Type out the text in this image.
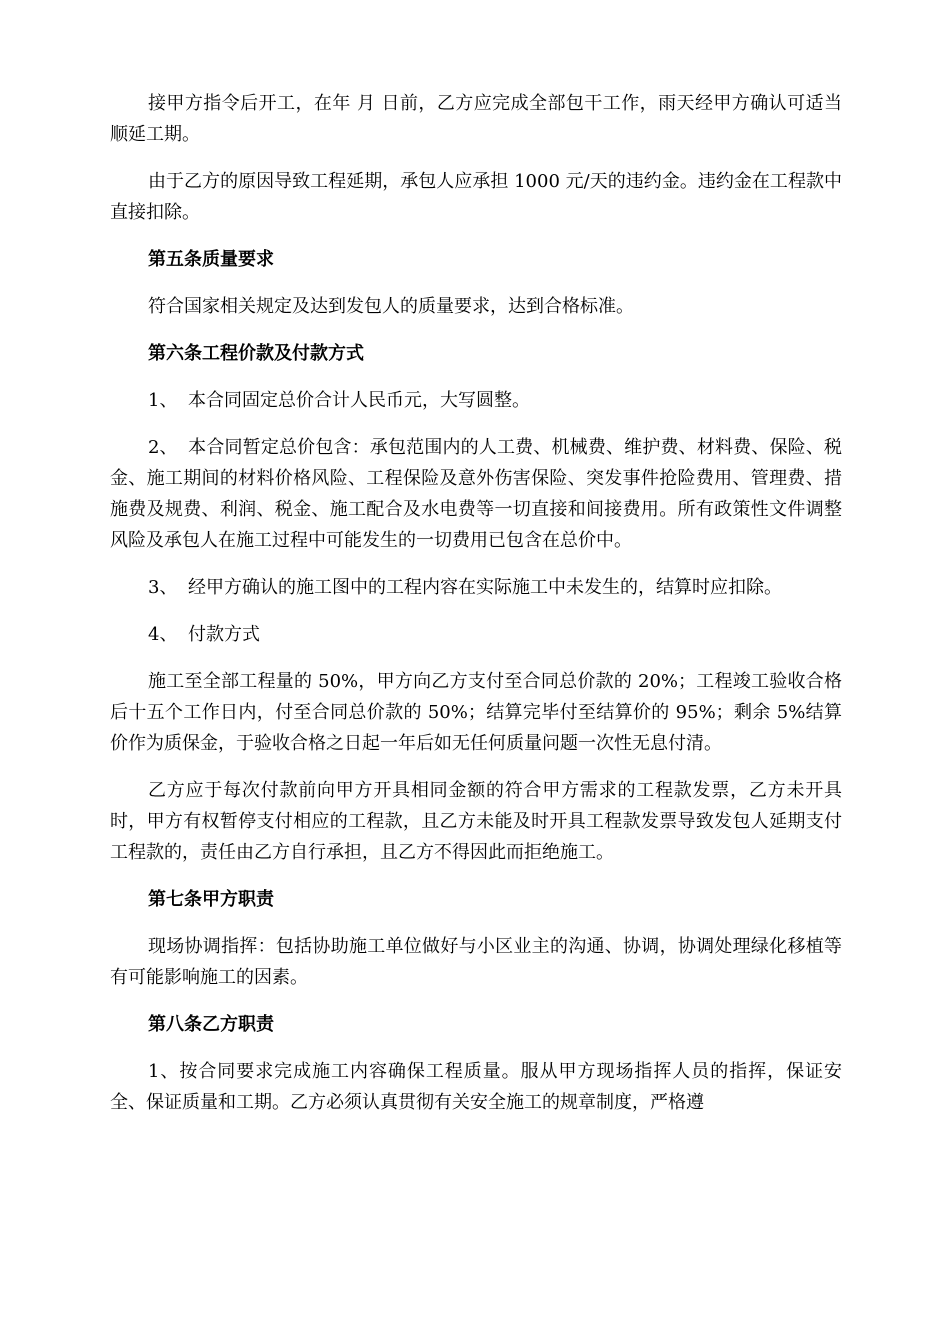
接甲方指令后开工，在年 月 日前，乙方应完成全部包干工作，雨天经甲方确认可适当顺延工期。

由于乙方的原因导致工程延期，承包人应承担 1000 元/天的违约金。违约金在工程款中直接扣除。

第五条质量要求

符合国家相关规定及达到发包人的质量要求，达到合格标准。

第六条工程价款及付款方式

1、 本合同固定总价合计人民币元，大写圆整。

2、 本合同暂定总价包含：承包范围内的人工费、机械费、维护费、材料费、保险、税金、施工期间的材料价格风险、工程保险及意外伤害保险、突发事件抢险费用、管理费、措施费及规费、利润、税金、施工配合及水电费等一切直接和间接费用。所有政策性文件调整风险及承包人在施工过程中可能发生的一切费用已包含在总价中。

3、 经甲方确认的施工图中的工程内容在实际施工中未发生的，结算时应扣除。

4、 付款方式

施工至全部工程量的 50%，甲方向乙方支付至合同总价款的 20%；工程竣工验收合格后十五个工作日内，付至合同总价款的 50%；结算完毕付至结算价的 95%；剩余 5%结算价作为质保金，于验收合格之日起一年后如无任何质量问题一次性无息付清。

乙方应于每次付款前向甲方开具相同金额的符合甲方需求的工程款发票，乙方未开具时，甲方有权暂停支付相应的工程款，且乙方未能及时开具工程款发票导致发包人延期支付工程款的，责任由乙方自行承担，且乙方不得因此而拒绝施工。

第七条甲方职责

现场协调指挥：包括协助施工单位做好与小区业主的沟通、协调，协调处理绿化移植等有可能影响施工的因素。

第八条乙方职责

1、按合同要求完成施工内容确保工程质量。服从甲方现场指挥人员的指挥，保证安全、保证质量和工期。乙方必须认真贯彻有关安全施工的规章制度，严格遵
